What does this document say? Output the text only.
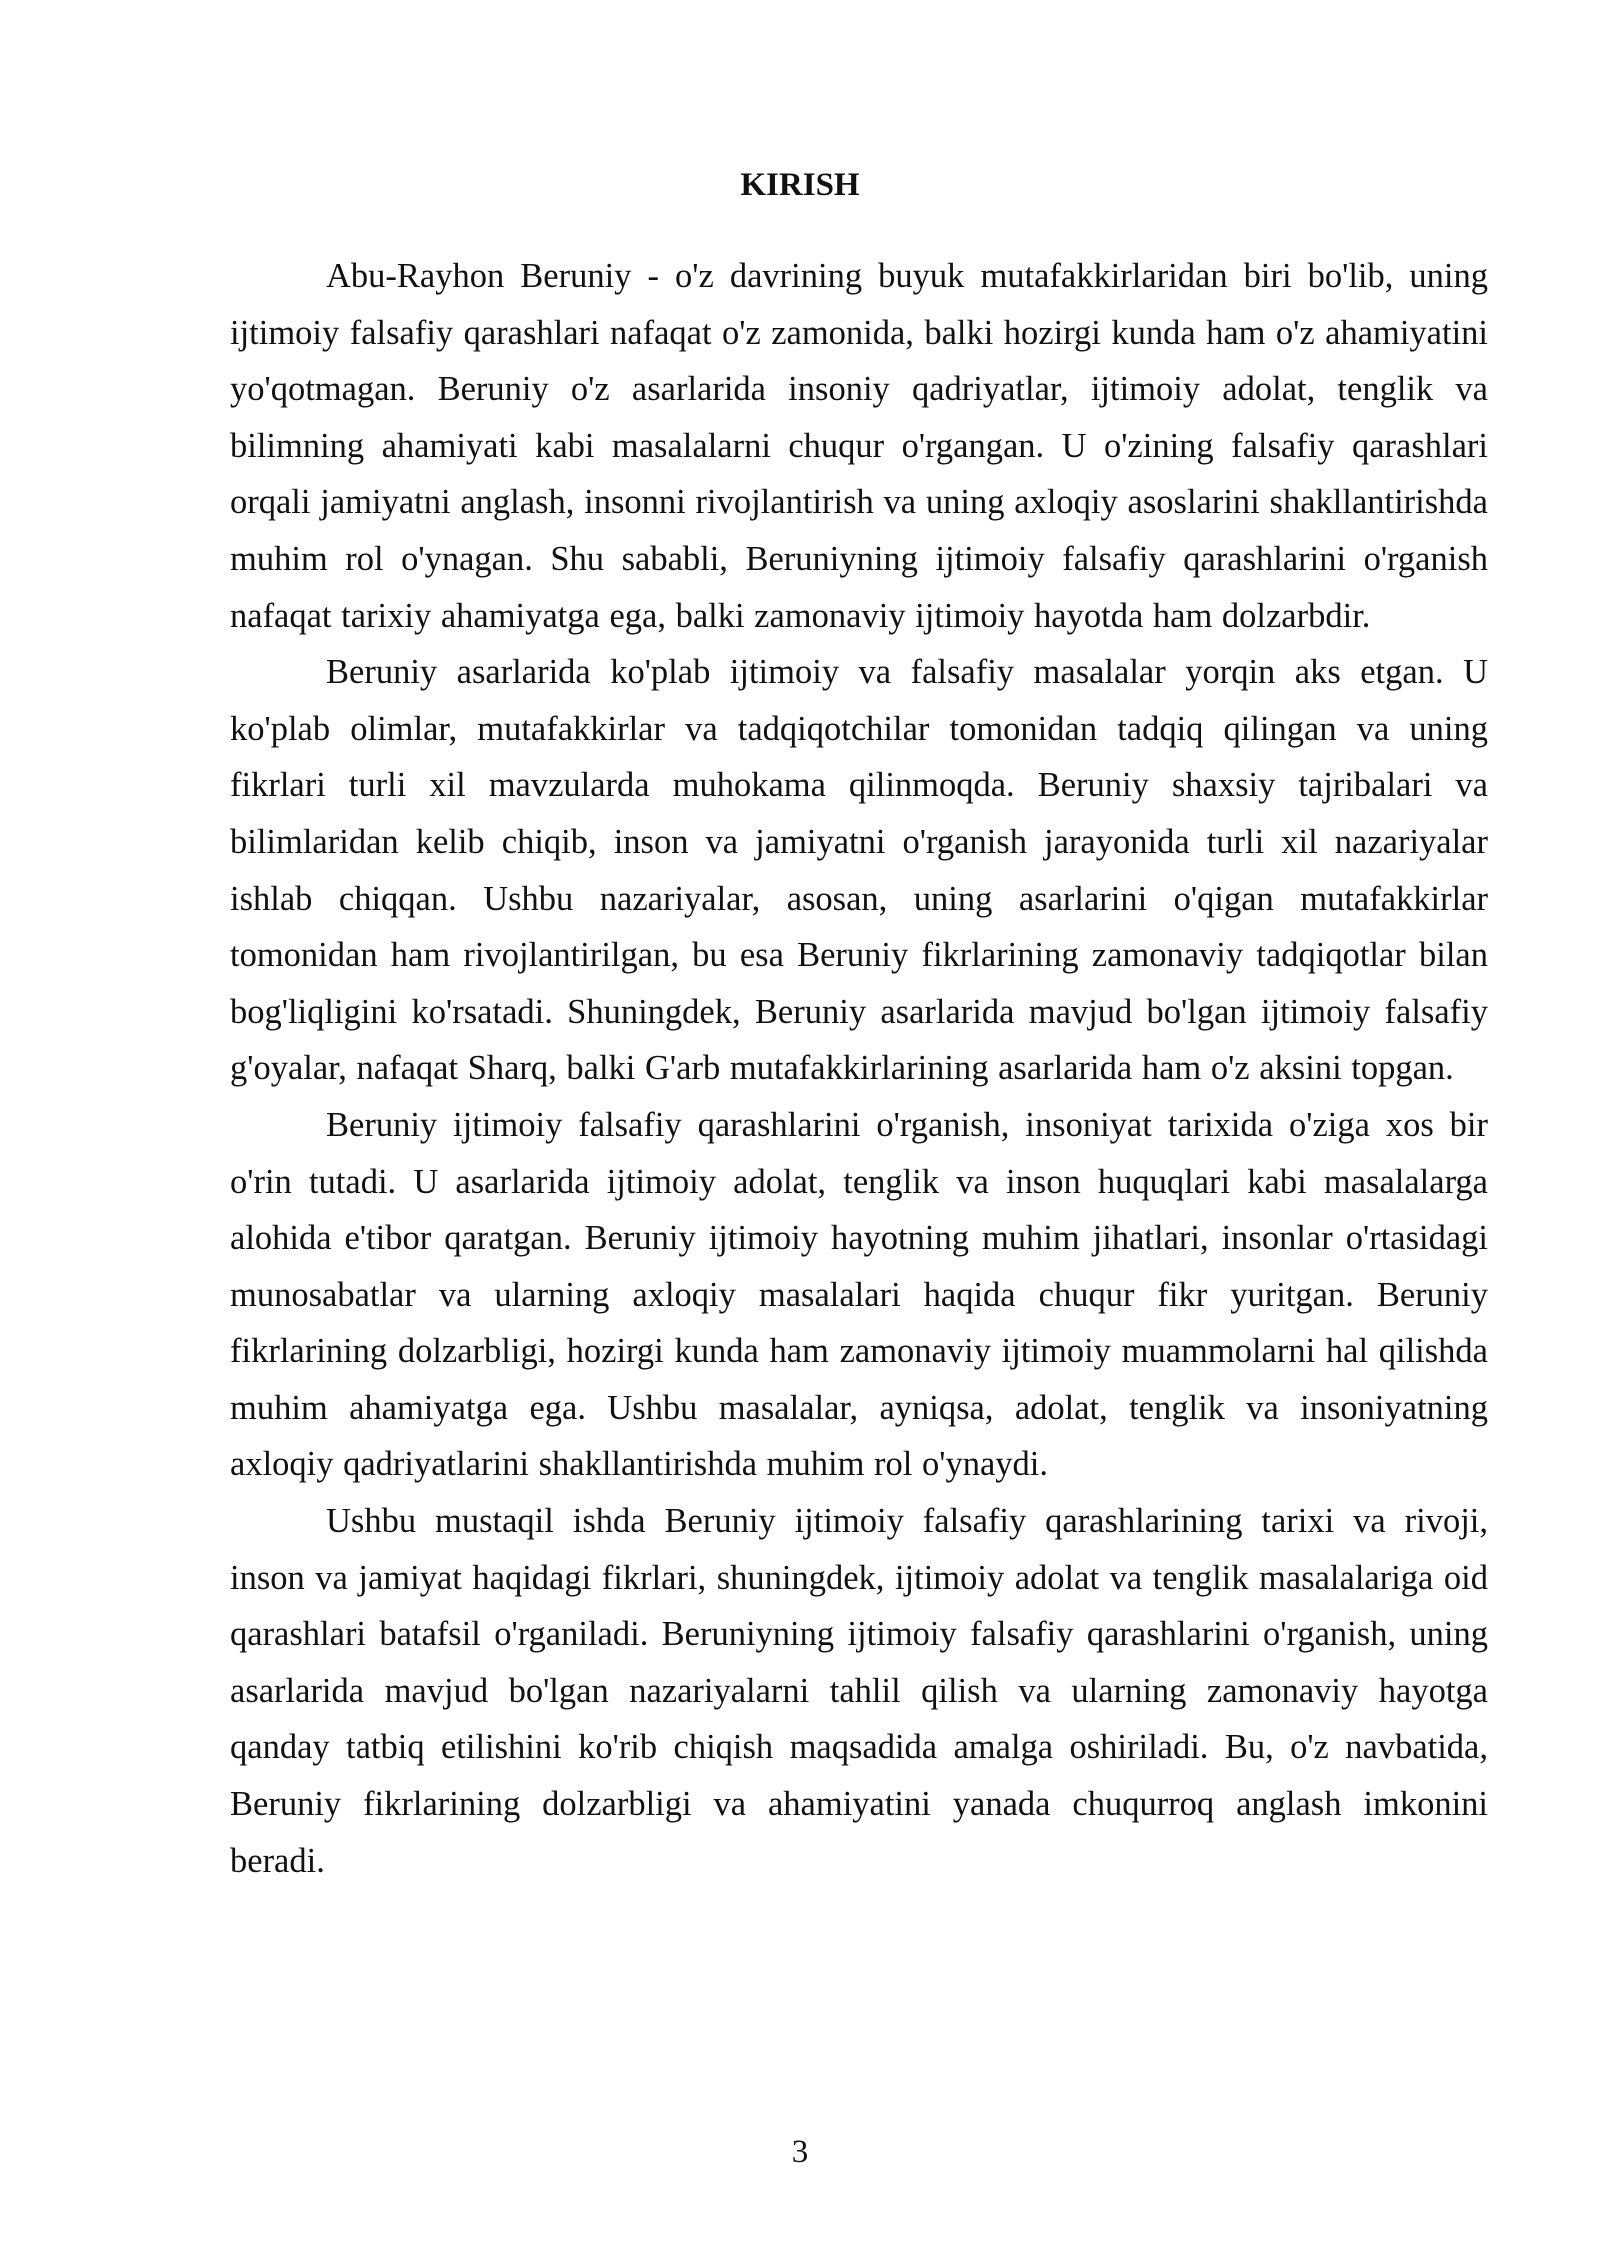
KIRISH

Abu-Rayhon Beruniy - o'z davrining buyuk mutafakkirlaridan biri bo'lib, uning ijtimoiy falsafiy qarashlari nafaqat o'z zamonida, balki hozirgi kunda ham o'z ahamiyatini yo'qotmagan. Beruniy o'z asarlarida insoniy qadriyatlar, ijtimoiy adolat, tenglik va bilimning ahamiyati kabi masalalarni chuqur o'rgangan. U o'zining falsafiy qarashlari orqali jamiyatni anglash, insonni rivojlantirish va uning axloqiy asoslarini shakllantirishda muhim rol o'ynagan. Shu sababli, Beruniyning ijtimoiy falsafiy qarashlarini o'rganish nafaqat tarixiy ahamiyatga ega, balki zamonaviy ijtimoiy hayotda ham dolzarbdir.

Beruniy asarlarida ko'plab ijtimoiy va falsafiy masalalar yorqin aks etgan. U ko'plab olimlar, mutafakkirlar va tadqiqotchilar tomonidan tadqiq qilingan va uning fikrlari turli xil mavzularda muhokama qilinmoqda. Beruniy shaxsiy tajribalari va bilimlaridan kelib chiqib, inson va jamiyatni o'rganish jarayonida turli xil nazariyalar ishlab chiqqan. Ushbu nazariyalar, asosan, uning asarlarini o'qigan mutafakkirlar tomonidan ham rivojlantirilgan, bu esa Beruniy fikrlarining zamonaviy tadqiqotlar bilan bog'liqligini ko'rsatadi. Shuningdek, Beruniy asarlarida mavjud bo'lgan ijtimoiy falsafiy g'oyalar, nafaqat Sharq, balki G'arb mutafakkirlarining asarlarida ham o'z aksini topgan.

Beruniy ijtimoiy falsafiy qarashlarini o'rganish, insoniyat tarixida o'ziga xos bir o'rin tutadi. U asarlarida ijtimoiy adolat, tenglik va inson huquqlari kabi masalalarga alohida e'tibor qaratgan. Beruniy ijtimoiy hayotning muhim jihatlari, insonlar o'rtasidagi munosabatlar va ularning axloqiy masalalari haqida chuqur fikr yuritgan. Beruniy fikrlarining dolzarbligi, hozirgi kunda ham zamonaviy ijtimoiy muammolarni hal qilishda muhim ahamiyatga ega. Ushbu masalalar, ayniqsa, adolat, tenglik va insoniyatning axloqiy qadriyatlarini shakllantirishda muhim rol o'ynaydi.

Ushbu mustaqil ishda Beruniy ijtimoiy falsafiy qarashlarining tarixi va rivoji, inson va jamiyat haqidagi fikrlari, shuningdek, ijtimoiy adolat va tenglik masalalariga oid qarashlari batafsil o'rganiladi. Beruniyning ijtimoiy falsafiy qarashlarini o'rganish, uning asarlarida mavjud bo'lgan nazariyalarni tahlil qilish va ularning zamonaviy hayotga qanday tatbiq etilishini ko'rib chiqish maqsadida amalga oshiriladi. Bu, o'z navbatida, Beruniy fikrlarining dolzarbligi va ahamiyatini yanada chuqurroq anglash imkonini beradi.

3
